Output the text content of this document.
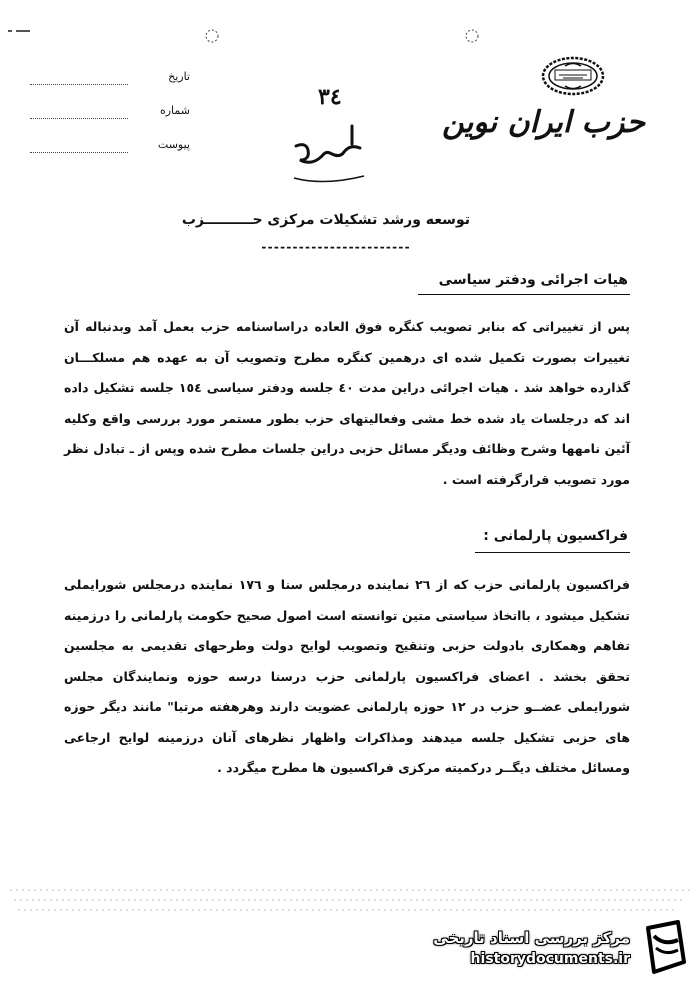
حزب ایران نوین
تاریخ
شماره
پیوست
۳٤
توسعه ورشد تشکیلات مرکزی حــــــــــزب
------------------------
هیات اجرائی ودفتر سیاسی
پس از تغییراتی که بنابر تصویب کنگره فوق العاده دراساسنامه حزب بعمل آمد وبدنباله آن تغییرات بصورت تکمیل شده ای درهمین کنگره مطرح وتصویب آن به عهده هم مسلکـــان گذارده خواهد شد . هیات اجرائی دراین مدت ٤٠ جلسه ودفتر سیاسی ١٥٤ جلسه تشکیل داده اند که درجلسات یاد شده خط مشی وفعالیتهای حزب بطور مستمر مورد بررسی واقع وکلیه آئین نامهها وشرح وظائف ودیگر مسائل حزبی دراین جلسات مطرح شده وپس از ـ تبادل نظر مورد تصویب قرارگرفته است .
فراکسیون پارلمانی :
فراکسیون پارلمانی حزب که از ٢٦ نماینده درمجلس سنا و ١٧٦ نماینده درمجلس شورایملی تشکیل میشود ، بااتخاذ سیاستی متین توانسته است اصول صحیح حکومت پارلمانی را درزمینه تفاهم وهمکاری بادولت حزبی وتنقیح وتصویب لوایح دولت وطرحهای تقدیمی به مجلسین تحقق بخشد . اعضای فراکسیون پارلمانی حزب درسنا درسه حوزه ونمایندگان مجلس شورایملی عضــو حزب در ١٢ حوزه پارلمانی عضویت دارند وهرهفته مرتبا" مانند دیگر حوزه های حزبی تشکیل جلسه میدهند ومذاکرات واظهار نظرهای آنان درزمینه لوایح ارجاعی ومسائل مختلف دیگــر درکمیته مرکزی فراکسیون ها مطرح میگردد .
مرکز بررسی اسناد تاریخی
historydocuments.ir
